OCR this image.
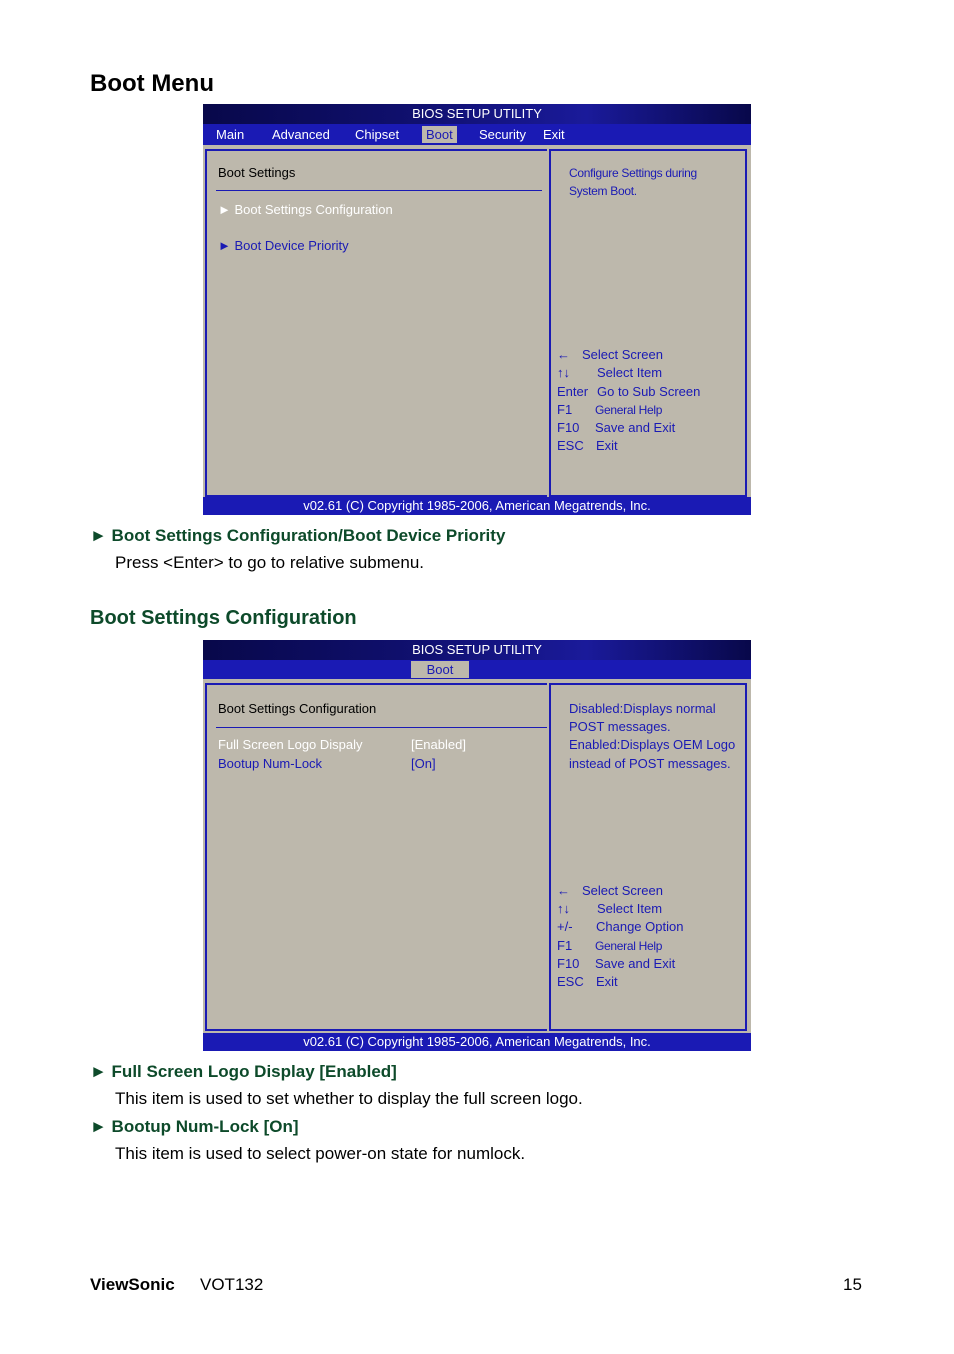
Boot Menu
BIOS SETUP UTILITY
Main Advanced Chipset	Boot	Security Exit
Boot Settings
► Boot Settings Configuration
► Boot Device Priority
Configure Settings during
System Boot.
← Select Screen
↑↓ Select Item
Enter Go to Sub Screen
F1 General Help
F10 Save and Exit
ESC Exit
v02.61 (C) Copyright 1985-2006, American Megatrends, Inc.
► Boot Settings Configuration/Boot Device Priority
Press <Enter> to go to relative submenu.
Boot Settings Configuration
BIOS SETUP UTILITY
Boot
Boot Settings Configuration
Full Screen Logo Dispaly	[Enabled]
Bootup Num-Lock	[On]
Disabled:Displays normal
POST messages.
Enabled:Displays OEM Logo
instead of POST messages.
← Select Screen
↑↓ Select Item
+/- Change Option
F1 General Help
F10 Save and Exit
ESC Exit
v02.61 (C) Copyright 1985-2006, American Megatrends, Inc.
► Full Screen Logo Display [Enabled]
This item is used to set whether to display the full screen logo.
► Bootup Num-Lock [On]
This item is used to select power-on state for numlock.
ViewSonic VOT132	15
